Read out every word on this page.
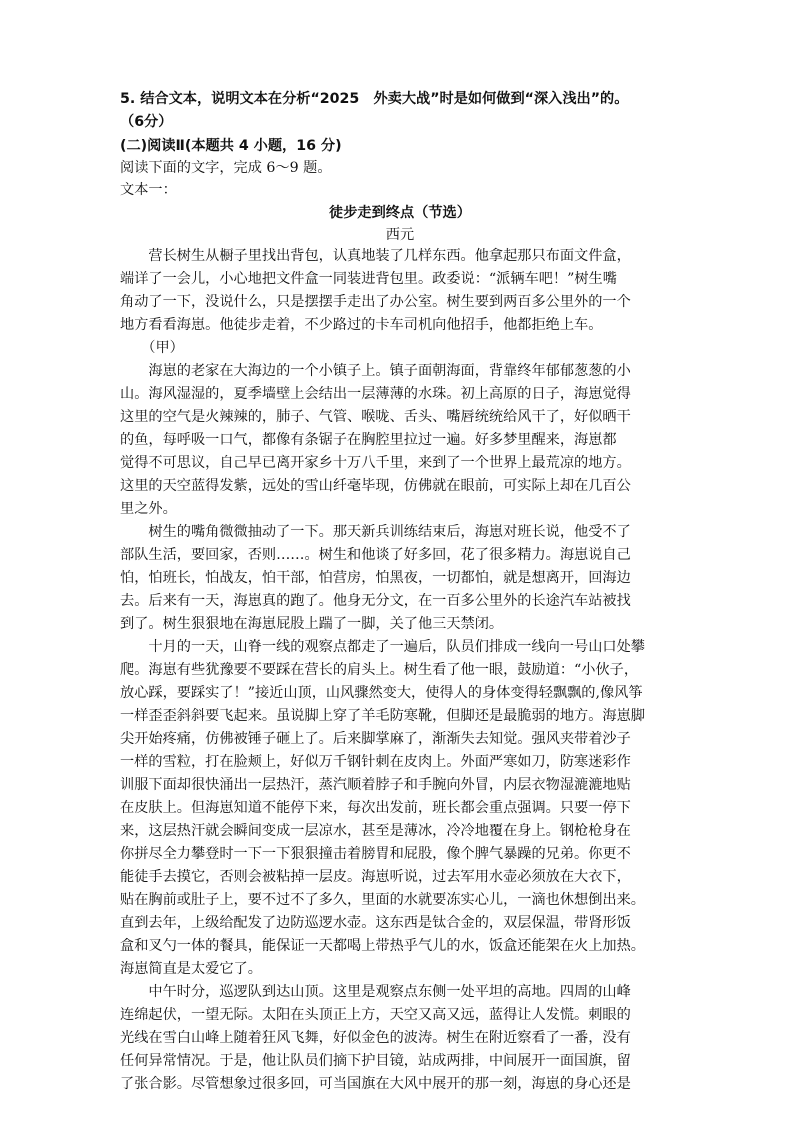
5. 结合文本，说明文本在分析“2025　外卖大战”时是如何做到“深入浅出”的。
（6分）
(二)阅读Ⅱ(本题共 4 小题，16 分)
阅读下面的文字，完成 6～9 题。
文本一：
徒步走到终点（节选）
西元
　　营长树生从橱子里找出背包，认真地装了几样东西。他拿起那只布面文件盒，
端详了一会儿，小心地把文件盒一同装进背包里。政委说：“派辆车吧！”树生嘴
角动了一下，没说什么，只是摆摆手走出了办公室。树生要到两百多公里外的一个
地方看看海崽。他徒步走着，不少路过的卡车司机向他招手，他都拒绝上车。
　　（甲）
　　海崽的老家在大海边的一个小镇子上。镇子面朝海面，背靠终年郁郁葱葱的小
山。海风湿湿的，夏季墙壁上会结出一层薄薄的水珠。初上高原的日子，海崽觉得
这里的空气是火辣辣的，肺子、气管、喉咙、舌头、嘴唇统统给风干了，好似晒干
的鱼，每呼吸一口气，都像有条锯子在胸腔里拉过一遍。好多梦里醒来，海崽都
觉得不可思议，自己早已离开家乡十万八千里，来到了一个世界上最荒凉的地方。
这里的天空蓝得发紫，远处的雪山纤毫毕现，仿佛就在眼前，可实际上却在几百公
里之外。
　　树生的嘴角微微抽动了一下。那天新兵训练结束后，海崽对班长说，他受不了
部队生活，要回家，否则……。树生和他谈了好多回，花了很多精力。海崽说自己
怕，怕班长，怕战友，怕干部，怕营房，怕黑夜，一切都怕，就是想离开，回海边
去。后来有一天，海崽真的跑了。他身无分文，在一百多公里外的长途汽车站被找
到了。树生狠狠地在海崽屁股上踹了一脚，关了他三天禁闭。
　　十月的一天，山脊一线的观察点都走了一遍后，队员们排成一线向一号山口处攀
爬。海崽有些犹豫要不要踩在营长的肩头上。树生看了他一眼，鼓励道：“小伙子，
放心踩，要踩实了！”接近山顶，山风骤然变大，使得人的身体变得轻飘飘的,像风筝
一样歪歪斜斜要飞起来。虽说脚上穿了羊毛防寒靴，但脚还是最脆弱的地方。海崽脚
尖开始疼痛，仿佛被锤子砸上了。后来脚掌麻了，渐渐失去知觉。强风夹带着沙子
一样的雪粒，打在脸颊上，好似万千钢针刺在皮肉上。外面严寒如刀，防寒迷彩作
训服下面却很快涌出一层热汗，蒸汽顺着脖子和手腕向外冒，内层衣物湿漉漉地贴
在皮肤上。但海崽知道不能停下来，每次出发前，班长都会重点强调。只要一停下
来，这层热汗就会瞬间变成一层凉水，甚至是薄冰，冷冷地覆在身上。钢枪枪身在
你拼尽全力攀登时一下一下狠狠撞击着膀胃和屁股，像个脾气暴躁的兄弟。你更不
能徒手去摸它，否则会被粘掉一层皮。海崽听说，过去军用水壶必须放在大衣下，
贴在胸前或肚子上，要不过不了多久，里面的水就要冻实心儿，一滴也休想倒出来。
直到去年，上级给配发了边防巡逻水壶。这东西是钛合金的，双层保温，带肾形饭
盒和叉勺一体的餐具，能保证一天都喝上带热乎气儿的水，饭盒还能架在火上加热。
海崽简直是太爱它了。
　　中午时分，巡逻队到达山顶。这里是观察点东侧一处平坦的高地。四周的山峰
连绵起伏，一望无际。太阳在头顶正上方，天空又高又远，蓝得让人发慌。刺眼的
光线在雪白山峰上随着狂风飞舞，好似金色的波涛。树生在附近察看了一番，没有
任何异常情况。于是，他让队员们摘下护目镜，站成两排，中间展开一面国旗，留
了张合影。尽管想象过很多回，可当国旗在大风中展开的那一刻，海崽的身心还是
